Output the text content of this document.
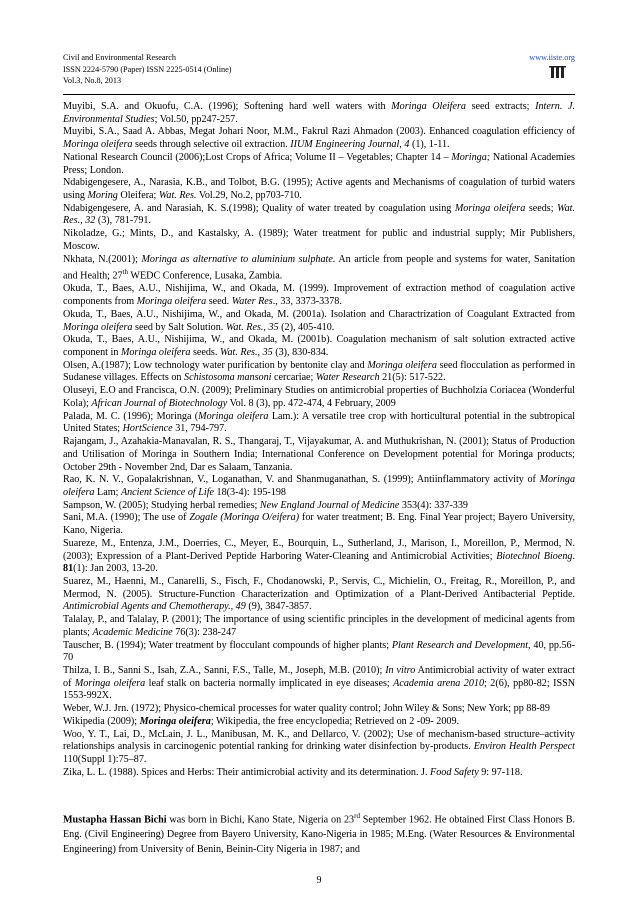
Civil and Environmental Research
ISSN 2224-5790 (Paper) ISSN 2225-0514 (Online)
Vol.3, No.8, 2013
www.iiste.org

Muyibi, S.A. and Okuofu, C.A. (1996); Softening hard well waters with Moringa Oleifera seed extracts; Intern. J. Environmental Studies; Vol.50, pp247-257.

Muyibi, S.A., Saad A. Abbas, Megat Johari Noor, M.M., Fakrul Razi Ahmadon (2003). Enhanced coagulation efficiency of Moringa oleifera seeds through selective oil extraction. IIUM Engineering Journal, 4 (1), 1-11.

National Research Council (2006);Lost Crops of Africa; Volume II – Vegetables; Chapter 14 – Moringa; National Academies Press; London.

Ndabigengesere, A., Narasia, K.B., and Tolbot, B.G. (1995); Active agents and Mechanisms of coagulation of turbid waters using Moring Oleifera; Wat. Res. Vol.29, No.2, pp703-710.

Ndabigengesere, A. and Narasiah, K. S.(1998); Quality of water treated by coagulation using Moringa oleifera seeds; Wat. Res., 32 (3), 781-791.

Nikoladze, G.; Mints, D., and Kastalsky, A. (1989); Water treatment for public and industrial supply; Mir Publishers, Moscow.

Nkhata, N.(2001); Moringa as alternative to aluminium sulphate. An article from people and systems for water, Sanitation and Health; 27th WEDC Conference, Lusaka, Zambia.

Okuda, T., Baes, A.U., Nishijima, W., and Okada, M. (1999). Improvement of extraction method of coagulation active components from Moringa oleifera seed. Water Res., 33, 3373-3378.

Okuda, T., Baes, A.U., Nishijima, W., and Okada, M. (2001a). Isolation and Charactrization of Coagulant Extracted from Moringa oleifera seed by Salt Solution. Wat. Res., 35 (2), 405-410.

Okuda, T., Baes, A.U., Nishijima, W., and Okada, M. (2001b). Coagulation mechanism of salt solution extracted active component in Moringa oleifera seeds. Wat. Res., 35 (3), 830-834.

Olsen, A.(1987); Low technology water purification by bentonite clay and Moringa oleifera seed flocculation as performed in Sudanese villages. Effects on Schistosoma mansoni cercariae; Water Research 21(5): 517-522.

Oluseyi, E.O and Francisca, O.N. (2009); Preliminary Studies on antimicrobial properties of Buchholzia Coriacea (Wonderful Kola); African Journal of Biotechnology Vol. 8 (3), pp. 472-474, 4 February, 2009

Palada, M. C. (1996); Moringa (Moringa oleifera Lam.): A versatile tree crop with horticultural potential in the subtropical United States; HortScience 31, 794-797.

Rajangam, J., Azahakia-Manavalan, R. S., Thangaraj, T., Vijayakumar, A. and Muthukrishan, N. (2001); Status of Production and Utilisation of Moringa in Southern India; International Conference on Development potential for Moringa products; October 29th - November 2nd, Dar es Salaam, Tanzania.

Rao, K. N. V., Gopalakrishnan, V., Loganathan, V. and Shanmuganathan, S. (1999); Antiinflammatory activity of Moringa oleifera Lam; Ancient Science of Life 18(3-4): 195-198

Sampson, W. (2005); Studying herbal remedies; New England Journal of Medicine 353(4): 337-339

Sani, M.A. (1990); The use of Zogale (Moringa O/eifera) for water treatment; B. Eng. Final Year project; Bayero University, Kano, Nigeria.

Suareze, M., Entenza, J.M., Doerries, C., Meyer, E., Bourquin, L., Sutherland, J., Marison, I., Moreillon, P., Mermod, N.(2003); Expression of a Plant-Derived Peptide Harboring Water-Cleaning and Antimicrobial Activities; Biotechnol Bioeng. 81(1): Jan 2003, 13-20.

Suarez, M., Haenni, M., Canarelli, S., Fisch, F., Chodanowski, P., Servis, C., Michielin, O., Freitag, R., Moreillon, P., and Mermod, N. (2005). Structure-Function Characterization and Optimization of a Plant-Derived Antibacterial Peptide. Antimicrobial Agents and Chemotherapy., 49 (9), 3847-3857.

Talalay, P., and Talalay, P. (2001); The importance of using scientific principles in the development of medicinal agents from plants; Academic Medicine 76(3): 238-247

Tauscher, B. (1994); Water treatment by flocculant compounds of higher plants; Plant Research and Development, 40, pp.56-70

Thilza, I. B., Sanni S., Isah, Z.A., Sanni, F.S., Talle, M., Joseph, M.B. (2010); In vitro Antimicrobial activity of water extract of Moringa oleifera leaf stalk on bacteria normally implicated in eye diseases; Academia arena 2010; 2(6), pp80-82; ISSN 1553-992X.

Weber, W.J. Jrn. (1972); Physico-chemical processes for water quality control; John Wiley & Sons; New York; pp 88-89

Wikipedia (2009); Moringa oleifera; Wikipedia, the free encyclopedia; Retrieved on 2 -09- 2009.

Woo, Y. T., Lai, D., McLain, J. L., Manibusan, M. K., and Dellarco, V. (2002); Use of mechanism-based structure–activity relationships analysis in carcinogenic potential ranking for drinking water disinfection by-products. Environ Health Perspect 110(Suppl 1):75–87.

Zika, L. L. (1988). Spices and Herbs: Their antimicrobial activity and its determination. J. Food Safety 9: 97-118.

Mustapha Hassan Bichi was born in Bichi, Kano State, Nigeria on 23rd September 1962. He obtained First Class Honors B. Eng. (Civil Engineering) Degree from Bayero University, Kano-Nigeria in 1985; M.Eng. (Water Resources & Environmental Engineering) from University of Benin, Beinin-City Nigeria in 1987; and
9
